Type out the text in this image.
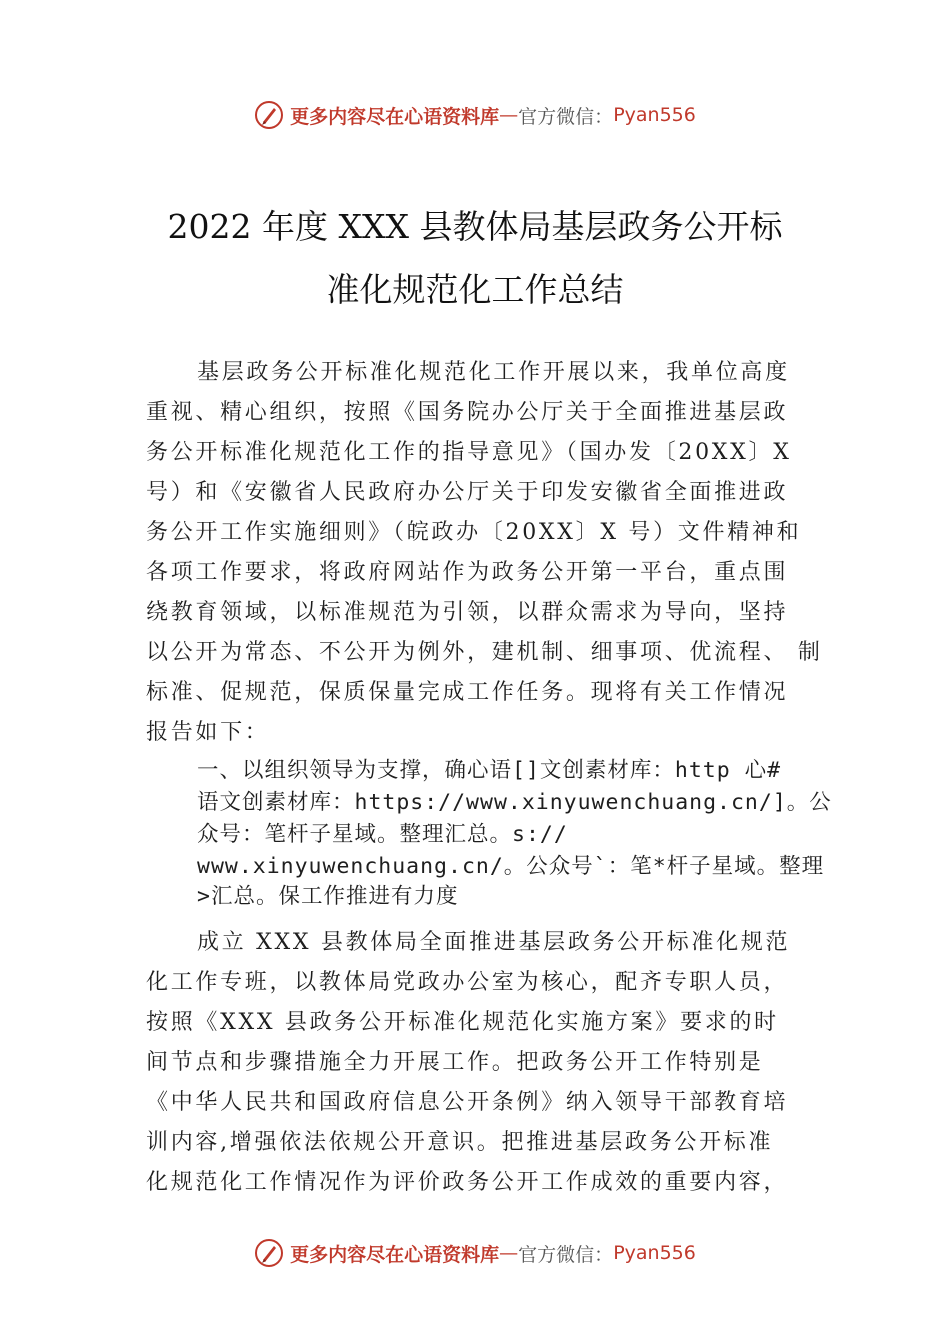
更多内容尽在心语资料库 — 官方微信： Pyan556
2022 年度 XXX 县教体局基层政务公开标
准化规范化工作总结
基层政务公开标准化规范化工作开展以来，我单位高度
重视、精心组织，按照《国务院办公厅关于全面推进基层政
务公开标准化规范化工作的指导意见》（国办发〔20XX〕X
号）和《安徽省人民政府办公厅关于印发安徽省全面推进政
务公开工作实施细则》（皖政办〔20XX〕X 号）文件精神和
各项工作要求，将政府网站作为政务公开第一平台，重点围
绕教育领域，以标准规范为引领，以群众需求为导向，坚持
以公开为常态、不公开为例外，建机制、细事项、优流程、 制
标准、促规范，保质保量完成工作任务。现将有关工作情况
报告如下：
一、以组织领导为支撑，确心语[]文创素材库：http 心#
语文创素材库：https://www.xinyuwenchuang.cn/]。公
众号：笔杆子星域。整理汇总。s://
www.xinyuwenchuang.cn/。公众号`：笔*杆子星域。整理
>汇总。保工作推进有力度
成立 XXX 县教体局全面推进基层政务公开标准化规范
化工作专班，以教体局党政办公室为核心，配齐专职人员，
按照《XXX 县政务公开标准化规范化实施方案》要求的时
间节点和步骤措施全力开展工作。把政务公开工作特别是
《中华人民共和国政府信息公开条例》纳入领导干部教育培
训内容,增强依法依规公开意识。把推进基层政务公开标准
化规范化工作情况作为评价政务公开工作成效的重要内容，
更多内容尽在心语资料库 — 官方微信： Pyan556
